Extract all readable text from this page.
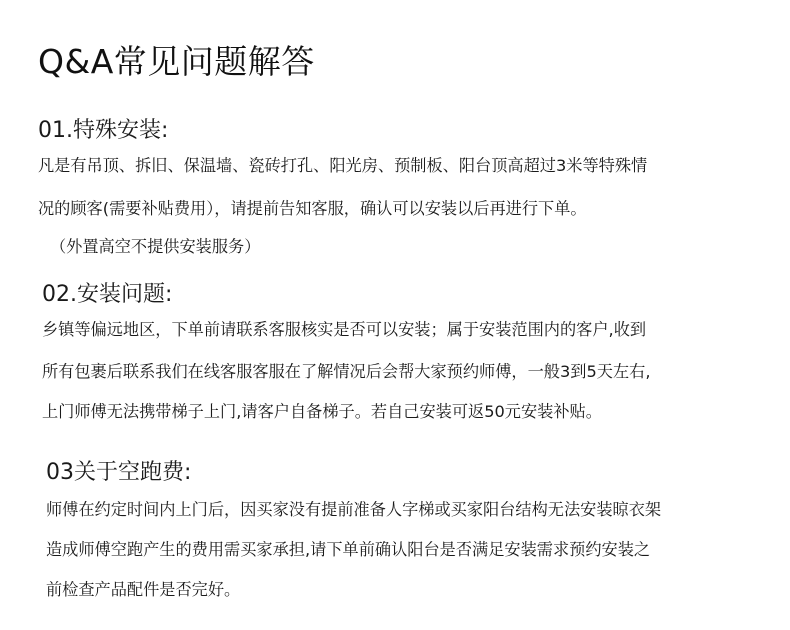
Q&A常见问题解答
01.特殊安装:
凡是有吊顶、拆旧、保温墙、瓷砖打孔、阳光房、预制板、阳台顶高超过3米等特殊情
况的顾客(需要补贴费用），请提前告知客服，确认可以安装以后再进行下单。
（外置高空不提供安装服务）
02.安装问题:
乡镇等偏远地区，下单前请联系客服核实是否可以安装；属于安装范围内的客户,收到
所有包裹后联系我们在线客服客服在了解情况后会帮大家预约师傅，一般3到5天左右,
上门师傅无法携带梯子上门,请客户自备梯子。若自己安装可返50元安装补贴。
03关于空跑费:
师傅在约定时间内上门后，因买家没有提前准备人字梯或买家阳台结构无法安装晾衣架
造成师傅空跑产生的费用需买家承担,请下单前确认阳台是否满足安装需求预约安装之
前检查产品配件是否完好。
